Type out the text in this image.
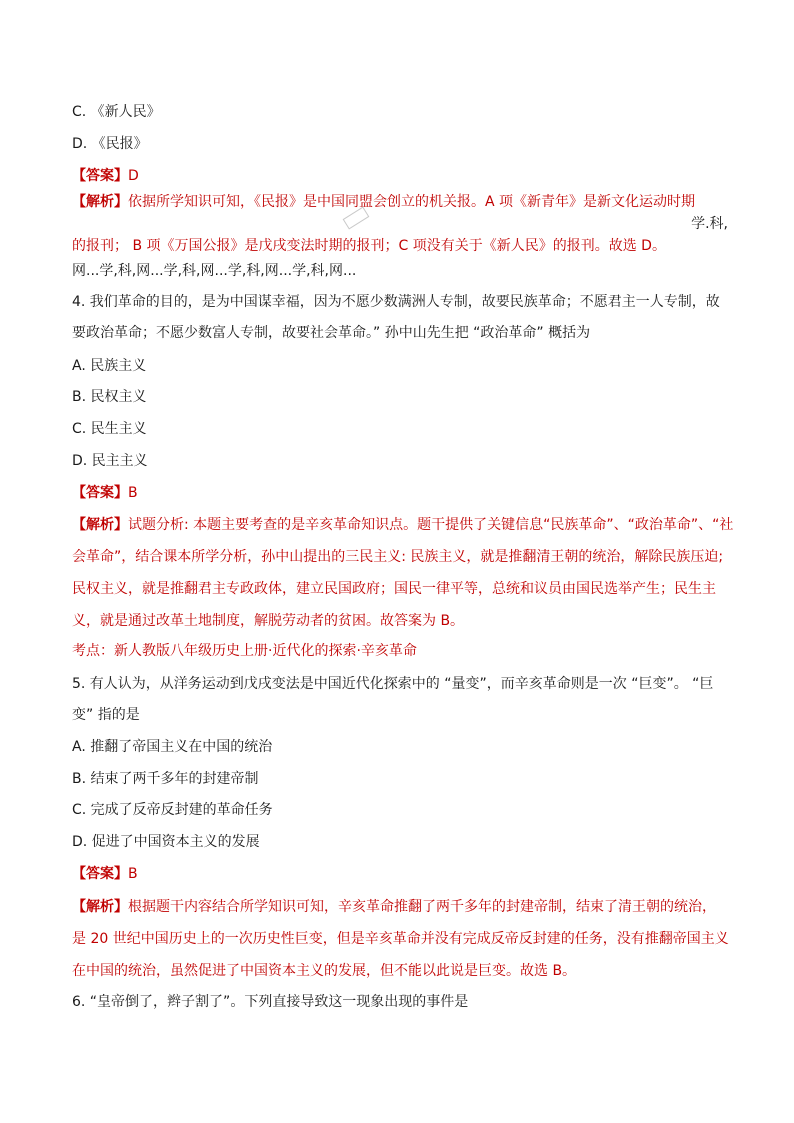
C. 《新人民》
D. 《民报》
【答案】D
【解析】依据所学知识可知，《民报》是中国同盟会创立的机关报。A 项《新青年》是新文化运动时期
学.科,
的报刊； B 项《万国公报》是戊戌变法时期的报刊；C 项没有关于《新人民》的报刊。故选 D。
网...学,科,网...学,科,网...学,科,网...学,科,网...
4. 我们革命的目的，是为中国谋幸福，因为不愿少数满洲人专制，故要民族革命；不愿君主一人专制，故
要政治革命；不愿少数富人专制，故要社会革命。” 孙中山先生把 “政治革命” 概括为
A. 民族主义
B. 民权主义
C. 民生主义
D. 民主主义
【答案】B
【解析】试题分析: 本题主要考查的是辛亥革命知识点。题干提供了关键信息“民族革命”、“政治革命”、“社
会革命”，结合课本所学分析，孙中山提出的三民主义: 民族主义，就是推翻清王朝的统治，解除民族压迫;
民权主义，就是推翻君主专政政体，建立民国政府；国民一律平等，总统和议员由国民选举产生；民生主
义，就是通过改革土地制度，解脱劳动者的贫困。故答案为 B。
考点：新人教版八年级历史上册·近代化的探索·辛亥革命
5. 有人认为，从洋务运动到戊戌变法是中国近代化探索中的 “量变”，而辛亥革命则是一次 “巨变”。 “巨
变” 指的是
A. 推翻了帝国主义在中国的统治
B. 结束了两千多年的封建帝制
C. 完成了反帝反封建的革命任务
D. 促进了中国资本主义的发展
【答案】B
【解析】根据题干内容结合所学知识可知，辛亥革命推翻了两千多年的封建帝制，结束了清王朝的统治，
是 20 世纪中国历史上的一次历史性巨变，但是辛亥革命并没有完成反帝反封建的任务，没有推翻帝国主义
在中国的统治，虽然促进了中国资本主义的发展，但不能以此说是巨变。故选 B。
6. “皇帝倒了，辫子割了”。下列直接导致这一现象出现的事件是
